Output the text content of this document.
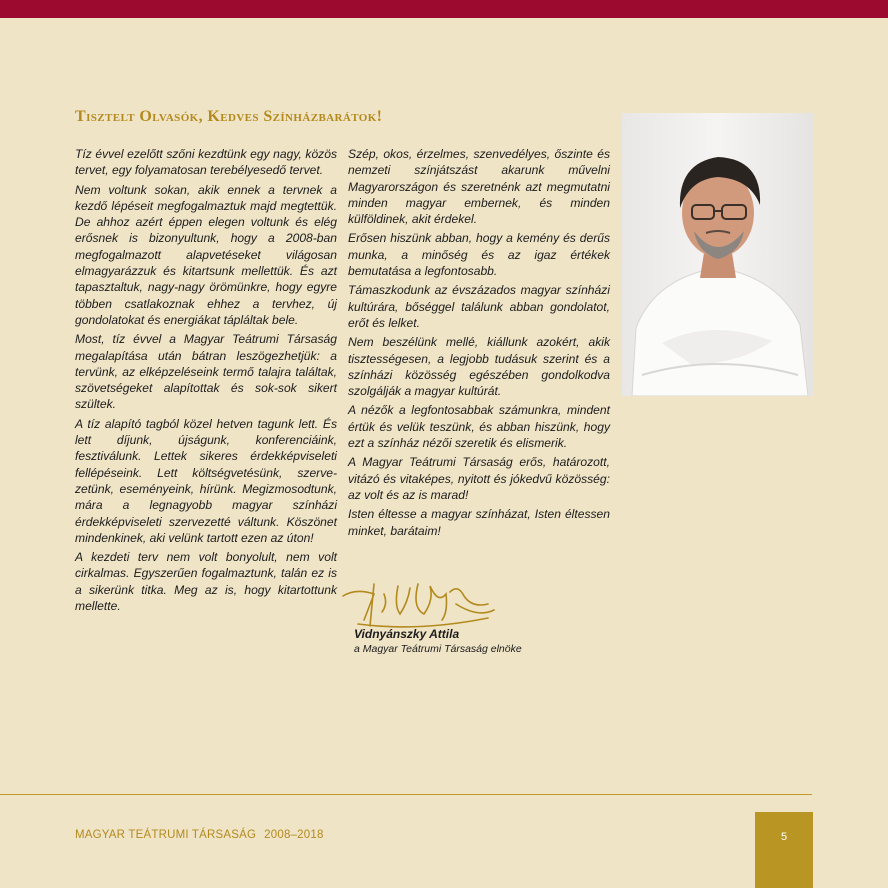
Tisztelt Olvasók, Kedves Színházbarátok!

Tíz évvel ezelőtt szőni kezdtünk egy nagy, közös tervet, egy folyamatosan terebélyesedő tervet.

Nem voltunk sokan, akik ennek a tervnek a kezdő lépéseit megfogalmaztuk majd megtettük. De ahhoz azért éppen elegen voltunk és elég erősnek is bizonyultunk, hogy a 2008-ban megfogalmazott alapvetéseket világosan elmagyarázzuk és kitartsunk mellettük. És azt tapasztaltuk, nagy-nagy örömünkre, hogy egyre többen csatlakoznak ehhez a tervhez, új gondolatokat és energiákat tápláltak bele.

Most, tíz évvel a Magyar Teátrumi Társaság megalapítása után bátran leszögezhetjük: a tervünk, az elképzeléseink termő talajra találtak, szövetségeket alapítottak és sok-sok sikert szültek.

A tíz alapító tagból közel hetven tagunk lett. És lett díjunk, újságunk, konferenciáink, fesztiválunk. Lettek sikeres érdekképviseleti fellépéseink. Lett költségvetésünk, szervezetünk, eseményeink, hírünk. Megizmosodtunk, mára a legnagyobb magyar színházi érdekképviseleti szervezetté váltunk. Köszönet mindenkinek, aki velünk tartott ezen az úton!

A kezdeti terv nem volt bonyolult, nem volt cirkalmas. Egyszerűen fogalmaztunk, talán ez is a sikerünk titka. Meg az is, hogy kitartottunk mellette.

Szép, okos, érzelmes, szenvedélyes, őszinte és nemzeti színjátszást akarunk művelni Magyarországon és szeretnénk azt megmutatni minden magyar embernek, és minden külföldinek, akit érdekel.

Erősen hiszünk abban, hogy a kemény és derűs munka, a minőség és az igaz értékek bemutatása a legfontosabb.

Támaszkodunk az évszázados magyar színházi kultúrára, bőséggel találunk abban gondolatot, erőt és lelket.

Nem beszélünk mellé, kiállunk azokért, akik tisztességesen, a legjobb tudásuk szerint és a színházi közösség egészében gondolkodva szolgálják a magyar kultúrát.

A nézők a legfontosabbak számunkra, mindent értük és velük teszünk, és abban hiszünk, hogy ezt a színház nézői szeretik és elismerik.

A Magyar Teátrumi Társaság erős, határozott, vitázó és vitaképes, nyitott és jókedvű közösség: az volt és az is marad!

Isten éltesse a magyar színházat, Isten éltessen minket, barátaim!

Vidnyánszky Attila
a Magyar Teátrumi Társaság elnöke
MAGYAR TEÁTRUMI TÁRSASÁG 2008–2018	5
